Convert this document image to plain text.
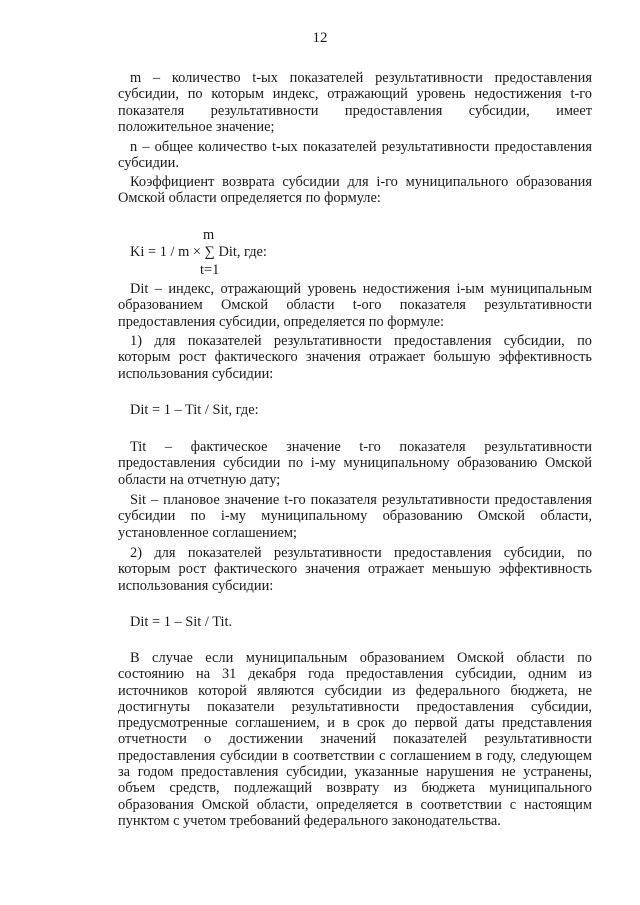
12

m – количество t-ых показателей результативности предоставления субсидии, по которым индекс, отражающий уровень недостижения t-го показателя результативности предоставления субсидии, имеет положительное значение;

n – общее количество t-ых показателей результативности предоставления субсидии.

Коэффициент возврата субсидии для i-го муниципального образования Омской области определяется по формуле:

m
Ki = 1 / m × ∑ Dit, где:
t=1

Dit – индекс, отражающий уровень недостижения i-ым муниципальным образованием Омской области t-ого показателя результативности предоставления субсидии, определяется по формуле:

1) для показателей результативности предоставления субсидии, по которым рост фактического значения отражает большую эффективность использования субсидии:

Dit = 1 – Tit / Sit, где:

Tit – фактическое значение t-го показателя результативности предоставления субсидии по i-му муниципальному образованию Омской области на отчетную дату;

Sit – плановое значение t-го показателя результативности предоставления субсидии по i-му муниципальному образованию Омской области, установленное соглашением;

2) для показателей результативности предоставления субсидии, по которым рост фактического значения отражает меньшую эффективность использования субсидии:

Dit = 1 – Sit / Tit.

В случае если муниципальным образованием Омской области по состоянию на 31 декабря года предоставления субсидии, одним из источников которой являются субсидии из федерального бюджета, не достигнуты показатели результативности предоставления субсидии, предусмотренные соглашением, и в срок до первой даты представления отчетности о достижении значений показателей результативности предоставления субсидии в соответствии с соглашением в году, следующем за годом предоставления субсидии, указанные нарушения не устранены, объем средств, подлежащий возврату из бюджета муниципального образования Омской области, определяется в соответствии с настоящим пунктом с учетом требований федерального законодательства.
